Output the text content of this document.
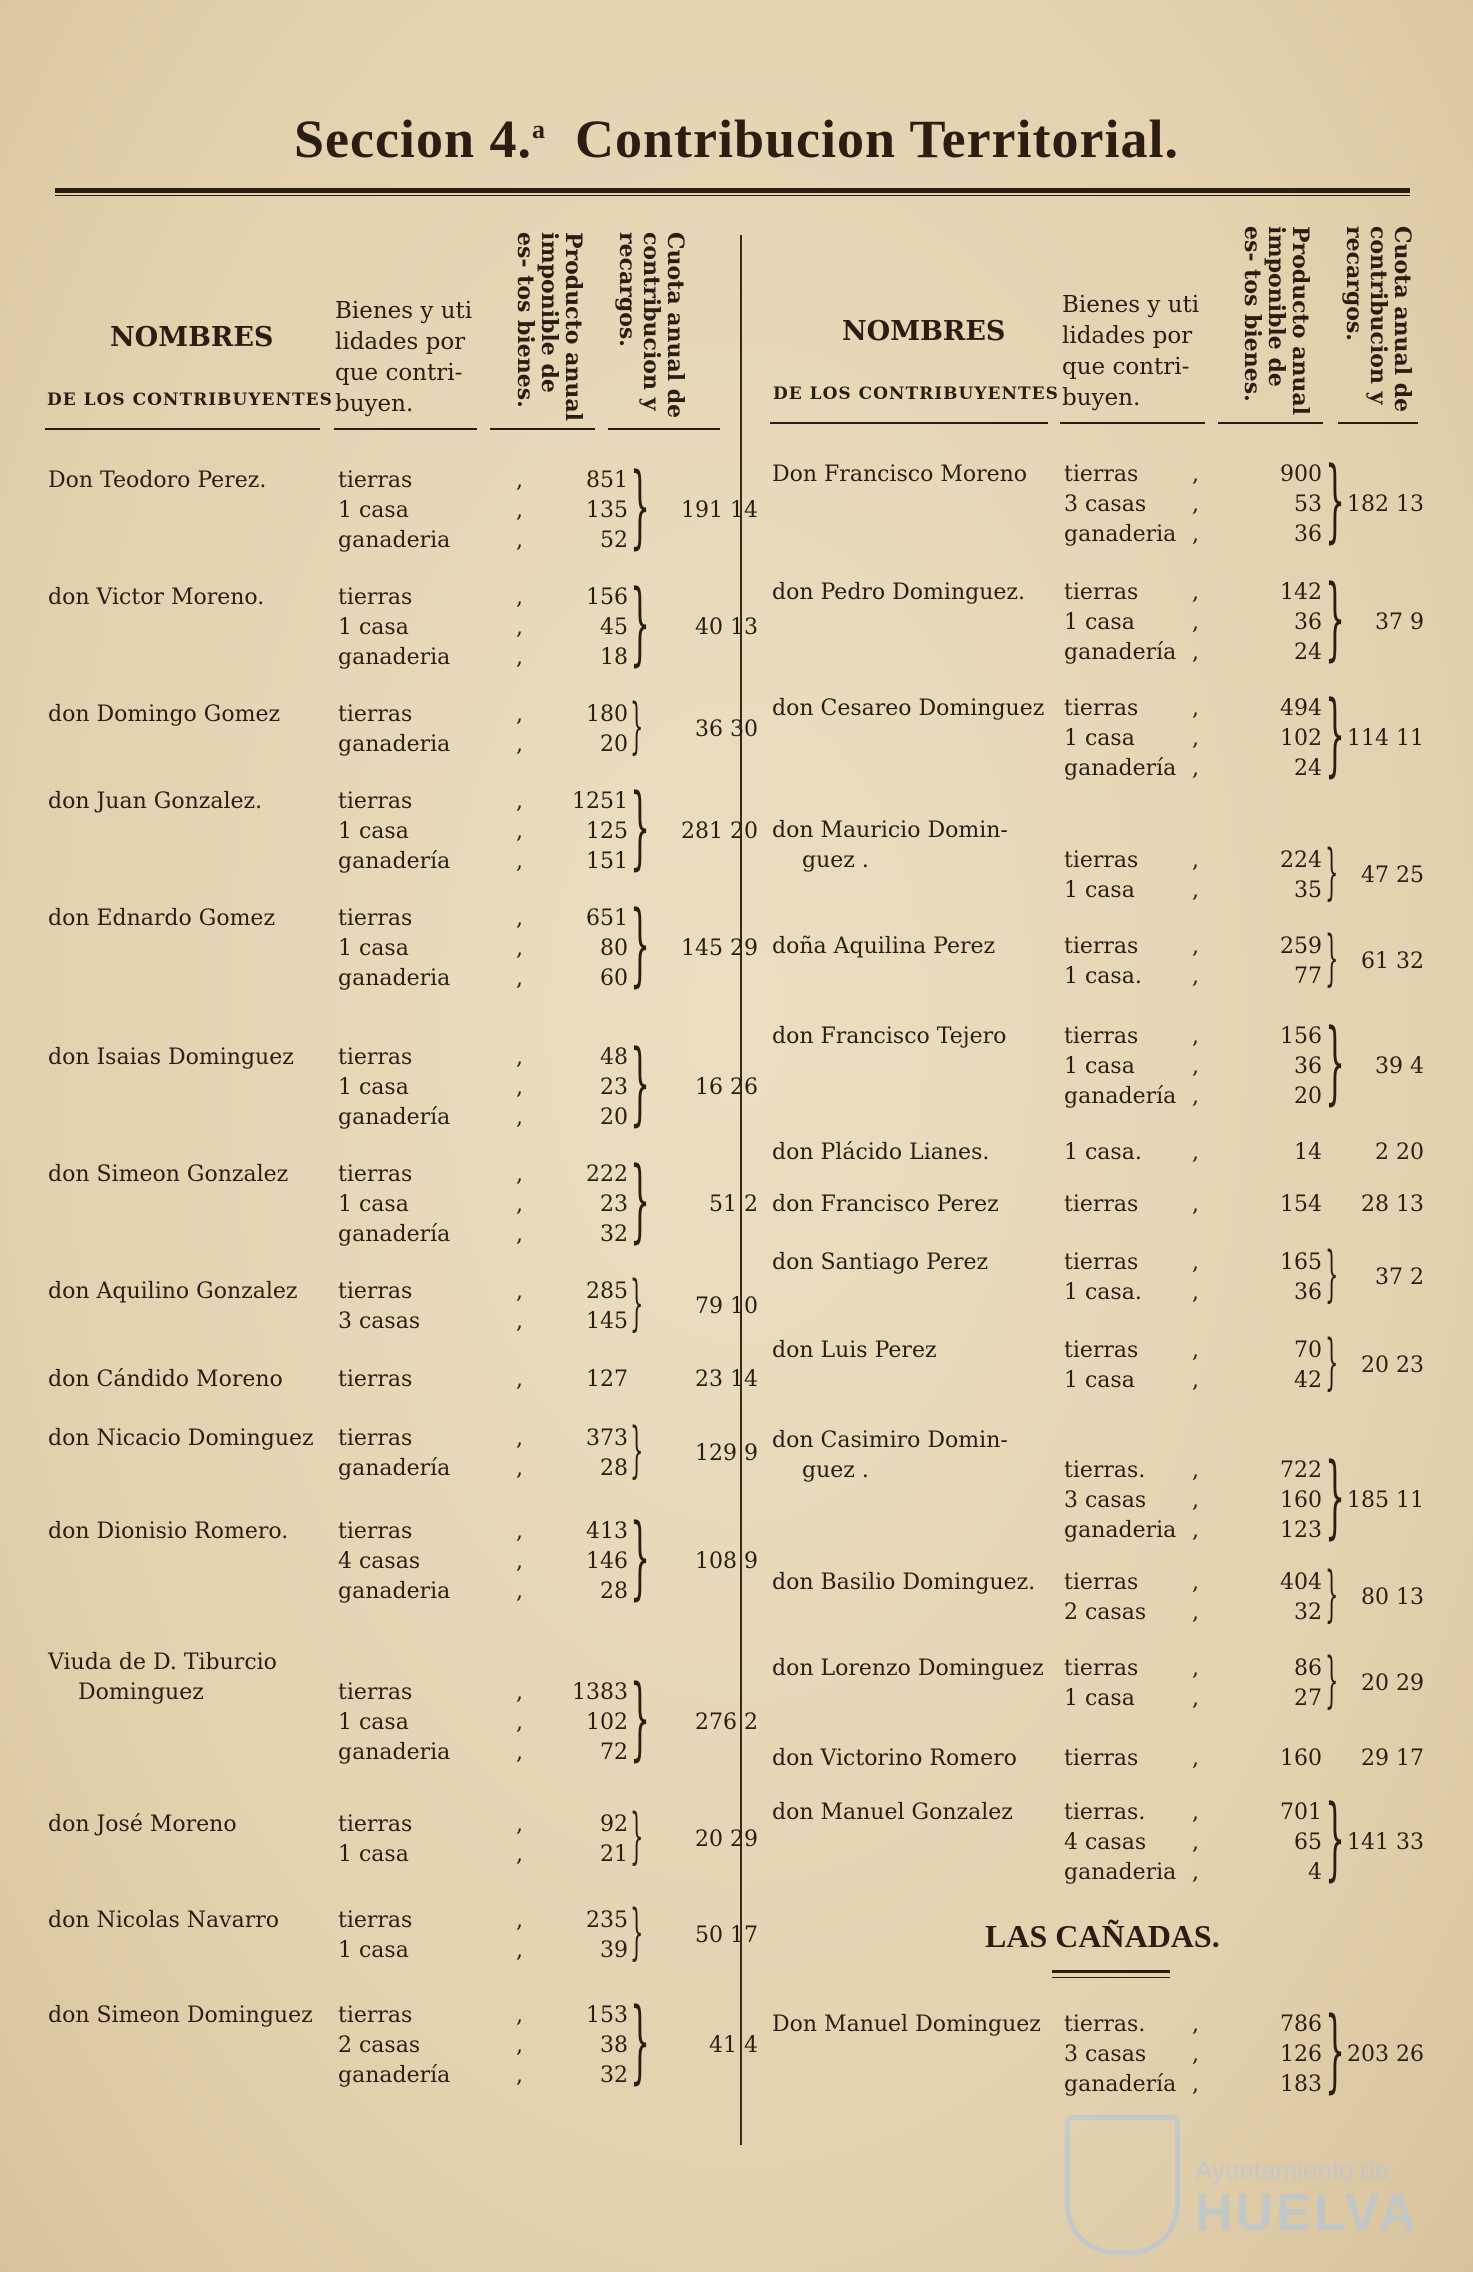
Seccion 4.$^a$ Contribucion Territorial.
NOMBRES
DE LOS CONTRIBUYENTES
Bienes y uti lidades por que contri- buyen.	Producto anual imponible de es- tos bienes.	Cuota anual de contribucion y recargos.	NOMBRES
DE LOS CONTRIBUYENTES
Bienes y uti lidades por que contri- buyen.	Producto anual imponible de es- tos bienes.	Cuota anual de contribucion y recargos.
Don Teodoro Perez.	tierras	,	851
1 casa	,	135
ganaderia	,	52 } 191 14
don Victor Moreno.	tierras	,	156
1 casa	,	45
ganaderia	,	18 }	40 13
don Domingo Gomez	tierras	,	180
ganaderia	,	20 }	36 30
don Juan Gonzalez.	tierras	,	1251
1 casa	,	125
ganadería	,	151 } 281 20
don Ednardo Gomez	tierras	,	651
1 casa	,	80
ganaderia	,	60 } 145 29
don Isaias Dominguez tierras	,	48
1 casa	,	23
ganadería	,	20 }	16 26
don Simeon Gonzalez tierras	,	222
1 casa	,	23
ganadería	,	32 }	51 2
don Aquilino Gonzalez tierras	,	285
3 casas	,	145 }	79 10
don Cándido Moreno	tierras	,	127	23 14
don Nicacio Dominguez tierras	,	373
ganadería	,	28 }	129 9
don Dionisio Romero. tierras	,	413
4 casas	,	146
ganaderia	,	28 }	108 9
Viuda de D. Tiburcio
Dominguez	tierras	,	1383
1 casa	,	102
ganaderia	,	72 }	276 2
don José Moreno	tierras	,	92
1 casa	,	21 }	20 29
don Nicolas Navarro	tierras	,	235
1 casa	,	39 }	50 17
don Simeon Dominguez tierras	,	153
2 casas	,	38
ganadería	,	32 }	41 4
Don Francisco Moreno tierras ,	900
3 casas ,	53
ganaderia ,	36 } 182 13
don Pedro Dominguez. tierras ,	142
1 casa	,	36
ganadería ,	24 }	37 9
don Cesareo Dominguez tierras ,	494
1 casa	,	102
ganadería ,	24 } 114 11
don Mauricio Domin-
guez .	tierras ,	224
1 casa	,	35 }	47 25
doña Aquilina Perez	tierras ,	259
1 casa. ,	77 }	61 32
don Francisco Tejero	tierras ,	156
1 casa	,	36
ganadería ,	20 }	39 4
don Plácido Lianes.	1 casa. ,	14	2 20
don Francisco Perez	tierras ,	154	28 13
don Santiago Perez	tierras ,	165
1 casa. ,	36 }	37 2
don Luis Perez	tierras ,	70
1 casa	,	42 }	20 23
don Casimiro Domin-
guez .	tierras. ,	722
3 casas ,	160
ganaderia ,	123 } 185 11
don Basilio Dominguez. tierras ,	404
2 casas ,	32 }	80 13
don Lorenzo Dominguez tierras ,	86
1 casa	,	27 }	20 29
don Victorino Romero tierras ,	160	29 17
don Manuel Gonzalez tierras. ,	701
4 casas ,	65
ganaderia ,	4 } 141 33
LAS CAÑADAS.
Don Manuel Dominguez tierras. ,	786
3 casas ,	126
ganadería ,	183 } 203 26
Ayuntamiento de
HUELVA
